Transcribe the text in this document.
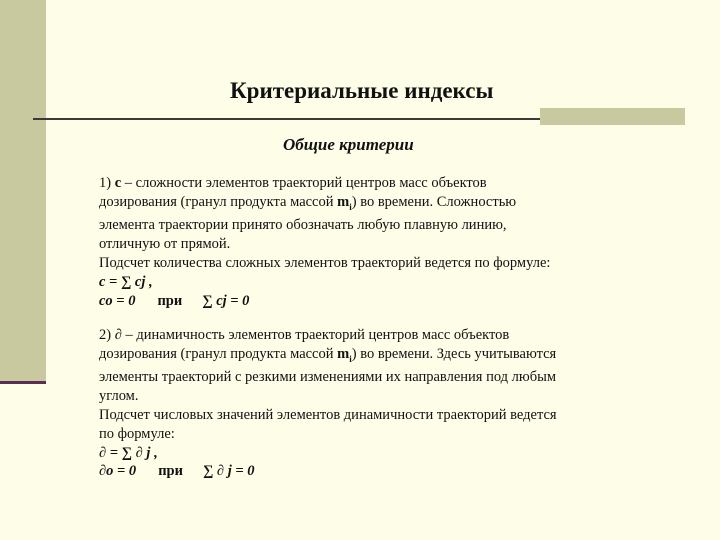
Критериальные индексы
Общие критерии
1) c – сложности элементов траекторий центров масс объектов
дозирования (гранул продукта массой $m_i$) во времени. Сложностью
элемента траектории принято обозначать любую плавную линию,
отличную от прямой.
Подсчет количества сложных элементов траекторий ведется по формуле:
c = ∑ cj ,
co = 0 при ∑ cj = 0
2) ∂ – динамичность элементов траекторий центров масс объектов
дозирования (гранул продукта массой $m_i$) во времени. Здесь учитываются
элементы траекторий с резкими изменениями их направления под любым
углом.
Подсчет числовых значений элементов динамичности траекторий ведется
по формуле:
∂ = ∑ ∂ j ,
∂o = 0 при ∑ ∂ j = 0
